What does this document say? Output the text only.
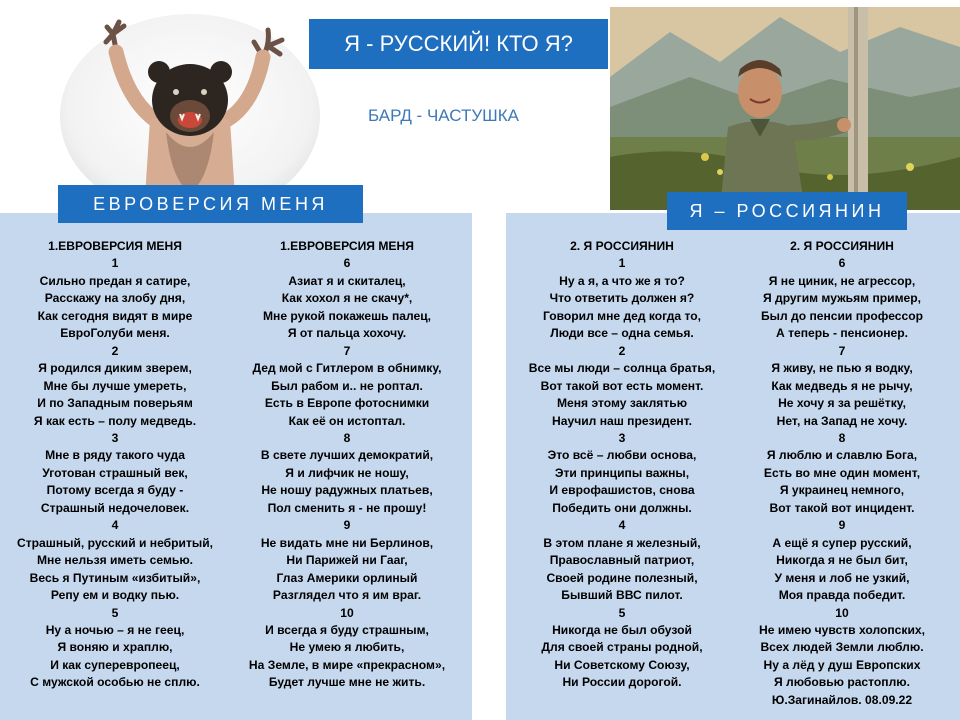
Я - РУССКИЙ! КТО Я?
БАРД - ЧАСТУШКА
ЕВРОВЕРСИЯ МЕНЯ	Я – РОССИЯНИН
1.ЕВРОВЕРСИЯ МЕНЯ
1
Сильно предан я сатире,
Расскажу на злобу дня,
Как сегодня видят в мире
ЕвроГолуби меня.
2
Я родился диким зверем,
Мне бы лучше умереть,
И по Западным поверьям
Я как есть – полу медведь.
3
Мне в ряду такого чуда
Уготован страшный век,
Потому всегда я буду -
Страшный недочеловек.
4
Страшный, русский и небритый,
Мне нельзя иметь семью.
Весь я Путиным «избитый»,
Репу ем и водку пью.
5
Ну а ночью – я не геец,
Я воняю и храплю,
И как суперевропеец,
С мужской особью не сплю.
1.ЕВРОВЕРСИЯ МЕНЯ
6
Азиат я и скиталец,
Как хохол я не скачу*,
Мне рукой покажешь палец,
Я от пальца хохочу.
7
Дед мой с Гитлером в обнимку,
Был рабом и.. не роптал.
Есть в Европе фотоснимки
Как её он истоптал.
8
В свете лучших демократий,
Я и лифчик не ношу,
Не ношу радужных платьев,
Пол сменить я - не прошу!
9
Не видать мне ни Берлинов,
Ни Парижей ни Гааг,
Глаз Америки орлиный
Разглядел что я им враг.
10
И всегда я буду страшным,
Не умею я любить,
На Земле, в мире «прекрасном»,
Будет лучше мне не жить.
2. Я РОССИЯНИН
1
Ну а я, а что же я то?
Что ответить должен я?
Говорил мне дед когда то,
Люди все – одна семья.
2
Все мы люди – солнца братья,
Вот такой вот есть момент.
Меня этому заклятью
Научил наш президент.
3
Это всё – любви основа,
Эти принципы важны,
И еврофашистов, снова
Победить они должны.
4
В этом плане я железный,
Православный патриот,
Своей родине полезный,
Бывший ВВС пилот.
5
Никогда не был обузой
Для своей страны родной,
Ни Советскому Союзу,
Ни России дорогой.
2. Я РОССИЯНИН
6
Я не циник, не агрессор,
Я другим мужьям пример,
Был до пенсии профессор
А теперь - пенсионер.
7
Я живу, не пью я водку,
Как медведь я не рычу,
Не хочу я за решётку,
Нет, на Запад не хочу.
8
Я люблю и славлю Бога,
Есть во мне один момент,
Я украинец немного,
Вот такой вот инцидент.
9
А ещё я супер русский,
Никогда я не был бит,
У меня и лоб не узкий,
Моя правда победит.
10
Не имею чувств холопских,
Всех людей Земли люблю.
Ну а лёд у душ Европских
Я любовью растоплю.
Ю.Загинайлов. 08.09.22
